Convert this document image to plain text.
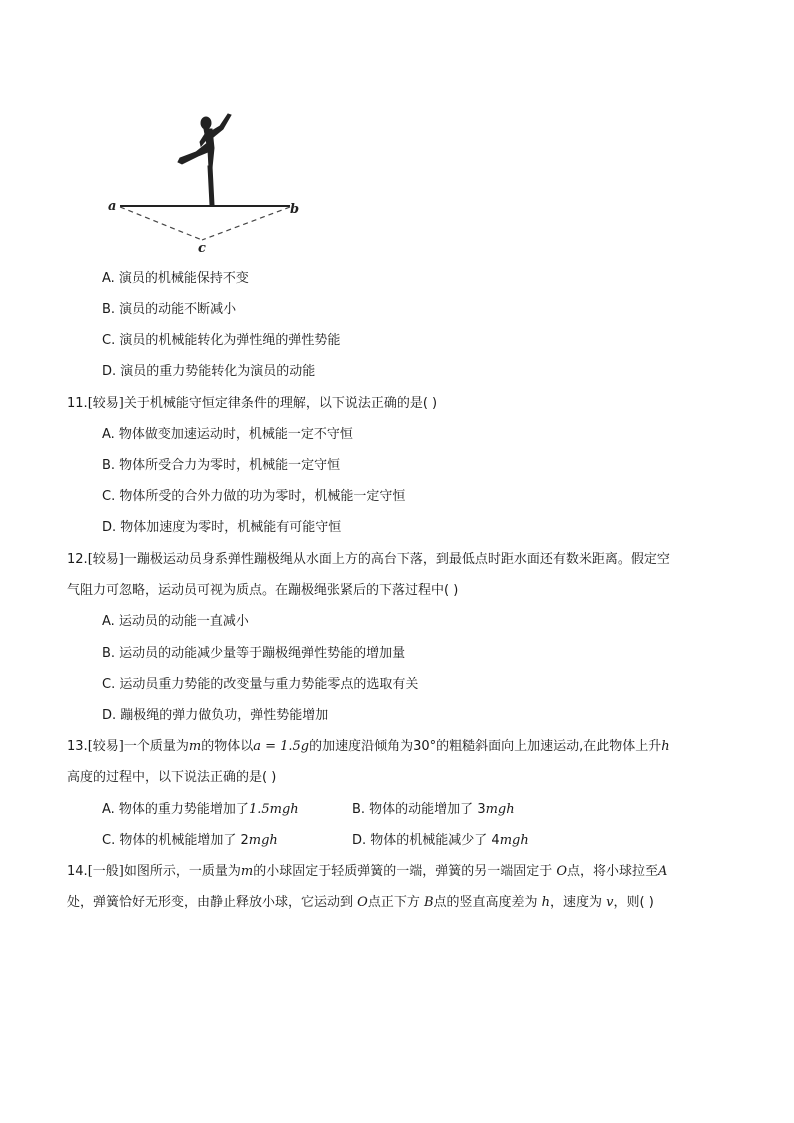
a	b
c
A. 演员的机械能保持不变
B. 演员的动能不断减小
C. 演员的机械能转化为弹性绳的弹性势能
D. 演员的重力势能转化为演员的动能
11.[较易]关于机械能守恒定律条件的理解，以下说法正确的是( )
A. 物体做变加速运动时，机械能一定不守恒
B. 物体所受合力为零时，机械能一定守恒
C. 物体所受的合外力做的功为零时，机械能一定守恒
D. 物体加速度为零时，机械能有可能守恒
12.[较易]一蹦极运动员身系弹性蹦极绳从水面上方的高台下落，到最低点时距水面还有数米距离。假定空
气阻力可忽略，运动员可视为质点。在蹦极绳张紧后的下落过程中( )
A. 运动员的动能一直减小
B. 运动员的动能减少量等于蹦极绳弹性势能的增加量
C. 运动员重力势能的改变量与重力势能零点的选取有关
D. 蹦极绳的弹力做负功，弹性势能增加
13.[较易]一个质量为m的物体以a = 1.5g的加速度沿倾角为30°的粗糙斜面向上加速运动,在此物体上升h
高度的过程中，以下说法正确的是( )
A. 物体的重力势能增加了1.5mgh	B. 物体的动能增加了 3mgh
C. 物体的机械能增加了 2mgh	D. 物体的机械能减少了 4mgh
14.[一般]如图所示，一质量为m的小球固定于轻质弹簧的一端，弹簧的另一端固定于 O点，将小球拉至A
处，弹簧恰好无形变，由静止释放小球，它运动到 O点正下方 B点的竖直高度差为 h，速度为 v，则( )
